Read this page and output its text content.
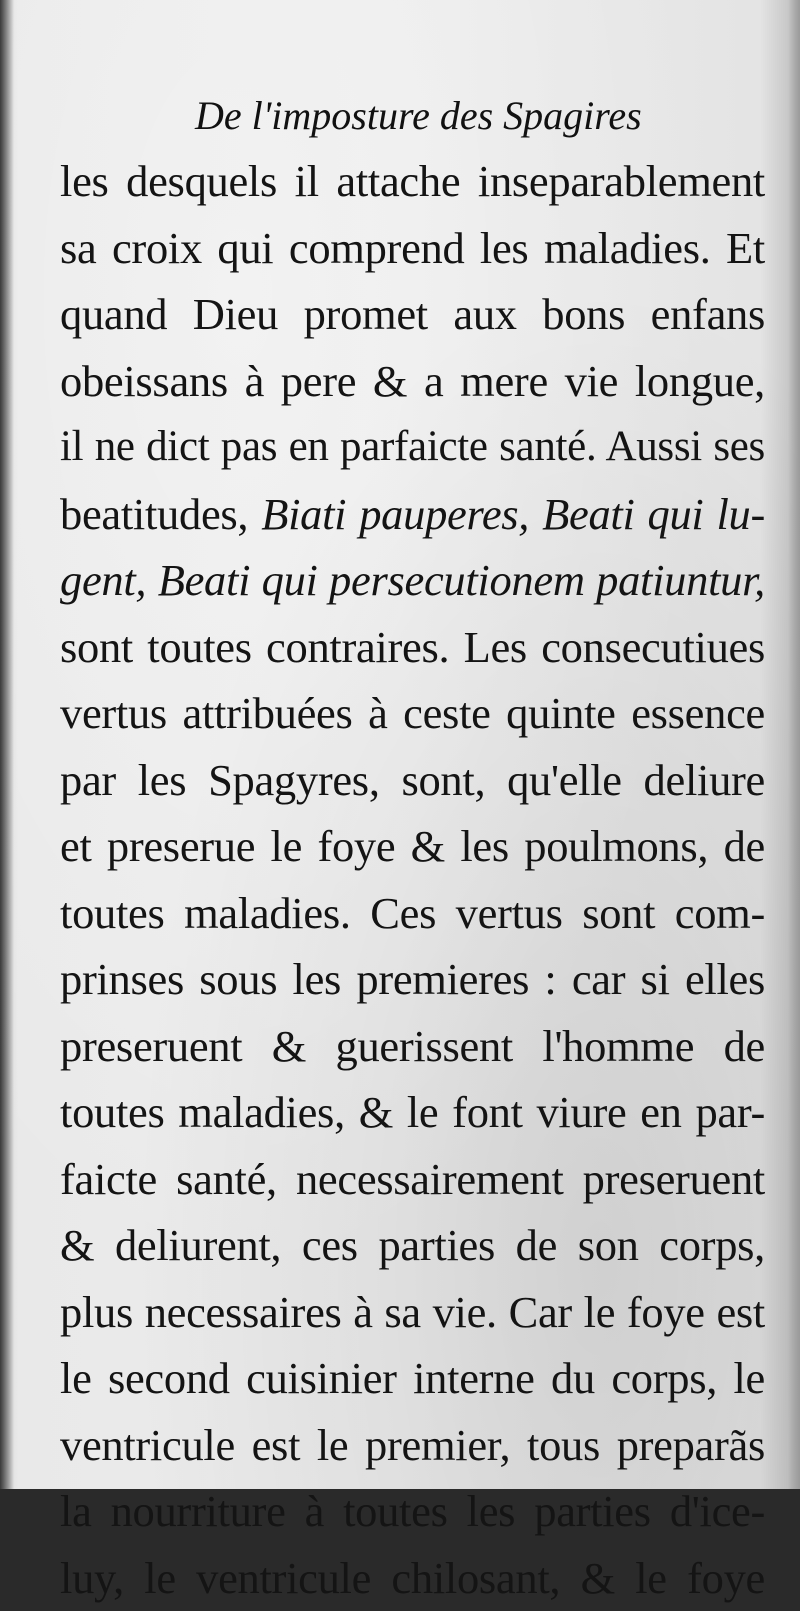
De l'imposture des Spagires
les desquels il attache inseparablement
sa croix qui comprend les maladies. Et
quand Dieu promet aux bons enfans
obeissans à pere & a mere vie longue,
il ne dict pas en parfaicte santé. Aussi ses
beatitudes, Biati pauperes, Beati qui lu-
gent, Beati qui persecutionem patiuntur,
sont toutes contraires. Les consecutiues
vertus attribuées à ceste quinte essence
par les Spagyres, sont, qu'elle deliure
et preserue le foye & les poulmons, de
toutes maladies. Ces vertus sont com-
prinses sous les premieres : car si elles
preseruent & guerissent l'homme de
toutes maladies, & le font viure en par-
faicte santé, necessairement preseruent
& deliurent, ces parties de son corps,
plus necessaires à sa vie. Car le foye est
le second cuisinier interne du corps, le
ventricule est le premier, tous preparãs
la nourriture à toutes les parties d'ice-
luy, le ventricule chilosant, & le foye
